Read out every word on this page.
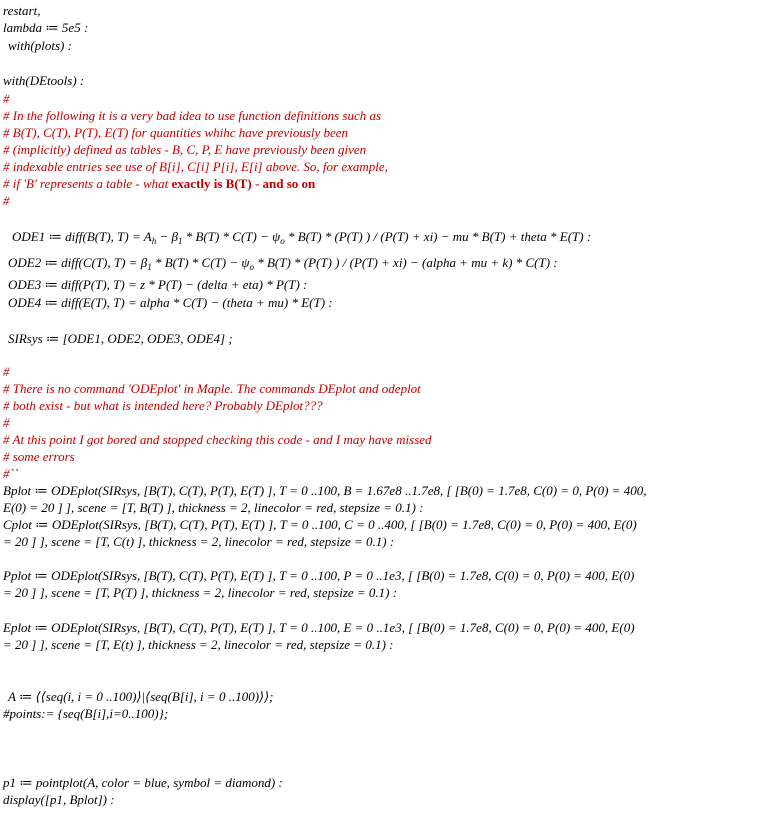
restart,
lambda ≔ 5e5 :
with(plots) :
with(DEtools) :
#
# In the following it is a very bad idea to use function definitions such as
# B(T), C(T), P(T), E(T) for quantities whihc have previously been
# (implicitly) defined as tables - B, C, P, E have previously been given
# indexable entries see use of B[i], C[i] P[i], E[i] above. So, for example,
#
SIRsys ≔ [ODE1, ODE2, ODE3, ODE4] ;
#
# There is no command 'ODEplot' in Maple. The commands DEplot and odeplot
# both exist - but what is intended here? Probably DEplot???
#
# At this point I got bored and stopped checking this code - and I may have missed
# some errors
#``
Bplot ≔ ODEplot(SIRsys, [B(T), C(T), P(T), E(T) ], T = 0 ..100, B = 1.67e8 ..1.7e8, [ [B(0) = 1.7e8, C(0) = 0, P(0) = 400,
E(0) = 20 ] ], scene = [T, B(T) ], thickness = 2, linecolor = red, stepsize = 0.1) :
Cplot ≔ ODEplot(SIRsys, [B(T), C(T), P(T), E(T) ], T = 0 ..100, C = 0 ..400, [ [B(0) = 1.7e8, C(0) = 0, P(0) = 400, E(0)
= 20 ] ], scene = [T, C(t) ], thickness = 2, linecolor = red, stepsize = 0.1) :
Pplot ≔ ODEplot(SIRsys, [B(T), C(T), P(T), E(T) ], T = 0 ..100, P = 0 ..1e3, [ [B(0) = 1.7e8, C(0) = 0, P(0) = 400, E(0)
= 20 ] ], scene = [T, P(T) ], thickness = 2, linecolor = red, stepsize = 0.1) :
Eplot ≔ ODEplot(SIRsys, [B(T), C(T), P(T), E(T) ], T = 0 ..100, E = 0 ..1e3, [ [B(0) = 1.7e8, C(0) = 0, P(0) = 400, E(0)
= 20 ] ], scene = [T, E(t) ], thickness = 2, linecolor = red, stepsize = 0.1) :
A ≔ ⟨⟨seq(i, i = 0 ..100)⟩|⟨seq(B[i], i = 0 ..100)⟩⟩;
#points:= {seq(B[i],i=0..100)};
p1 ≔ pointplot(A, color = blue, symbol = diamond) :
display([p1, Bplot]) :
# if 'B' represents a table - what exactly is B(T) - and so on
ODE1 ≔ diff(B(T), $T) = A_h - \beta_1 * B(T) * C(T) - \psi_o * B(T) * (P(T)$ ) / (P(T) + xi) − mu * B(T) + theta * E(T) :
ODE2 ≔ diff(C(T), $T) = \beta_1 * B(T) * C(T) - \psi_o * B(T) * (P(T)$ ) / (P(T) + xi) − (alpha + mu + k) * C(T) :
ODE3 ≔ diff(P(T), T) = z * P(T) − (delta + eta) * P(T) :
ODE4 ≔ diff(E(T), T) = alpha * C(T) − (theta + mu) * E(T) :
